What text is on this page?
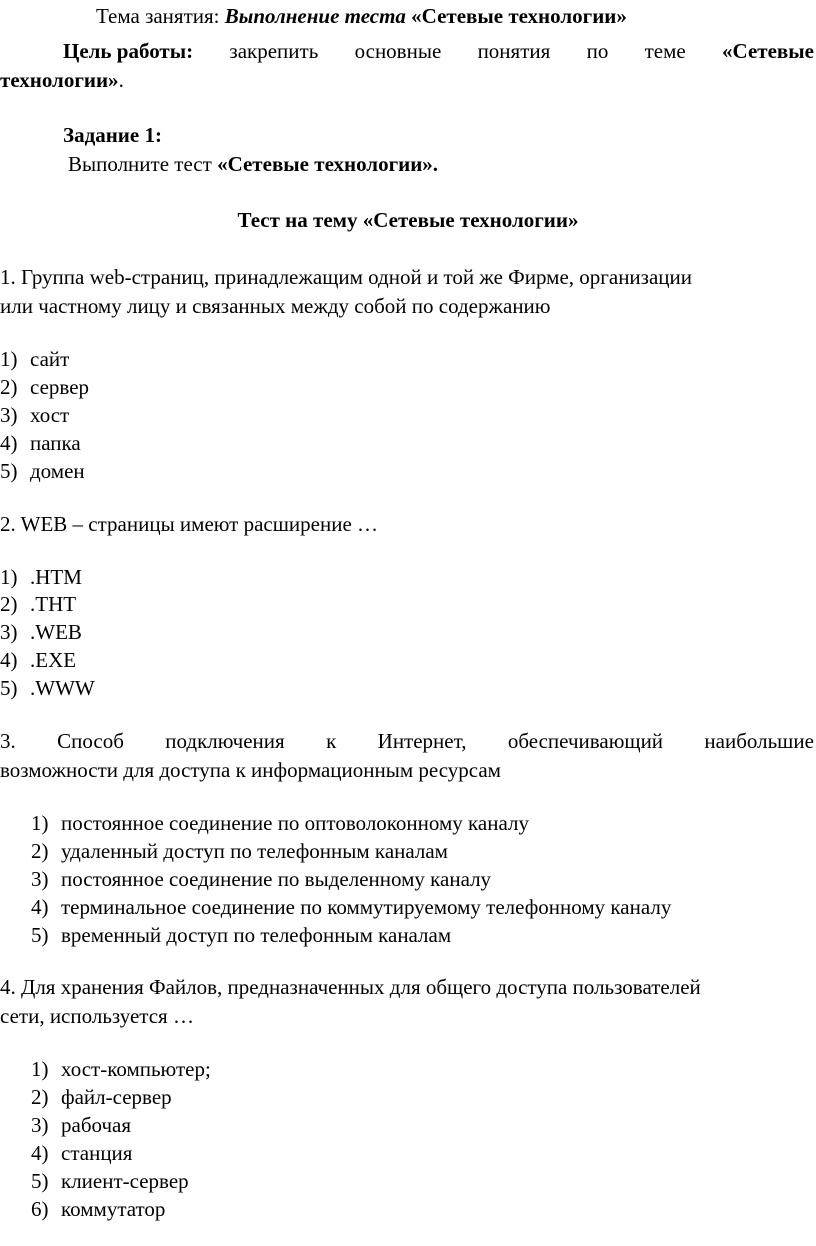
Тема занятия: Выполнение теста «Сетевые технологии»
Цель работы: закрепить основные понятия по теме «Сетевые
технологии».
Задание 1:
Выполните тест «Сетевые технологии».
Тест на тему «Сетевые технологии»
1. Группа web-страниц, принадлежащим одной и той же Фирме, организации
или частному лицу и связанных между собой по содержанию
1) сайт
2) сервер
3) хост
4) папка
5) домен
2. WEB – страницы имеют расширение …
1) .HTM
2) .THT
3) .WEB
4) .EXE
5) .WWW
3. Способ подключения к Интернет, обеспечивающий наибольшие
возможности для доступа к информационным ресурсам
1) постоянное соединение по оптоволоконному каналу
2) удаленный доступ по телефонным каналам
3) постоянное соединение по выделенному каналу
4) терминальное соединение по коммутируемому телефонному каналу
5) временный доступ по телефонным каналам
4. Для хранения Файлов, предназначенных для общего доступа пользователей
сети, используется …
1) хост-компьютер;
2) файл-сервер
3) рабочая
4) станция
5) клиент-сервер
6) коммутатор
